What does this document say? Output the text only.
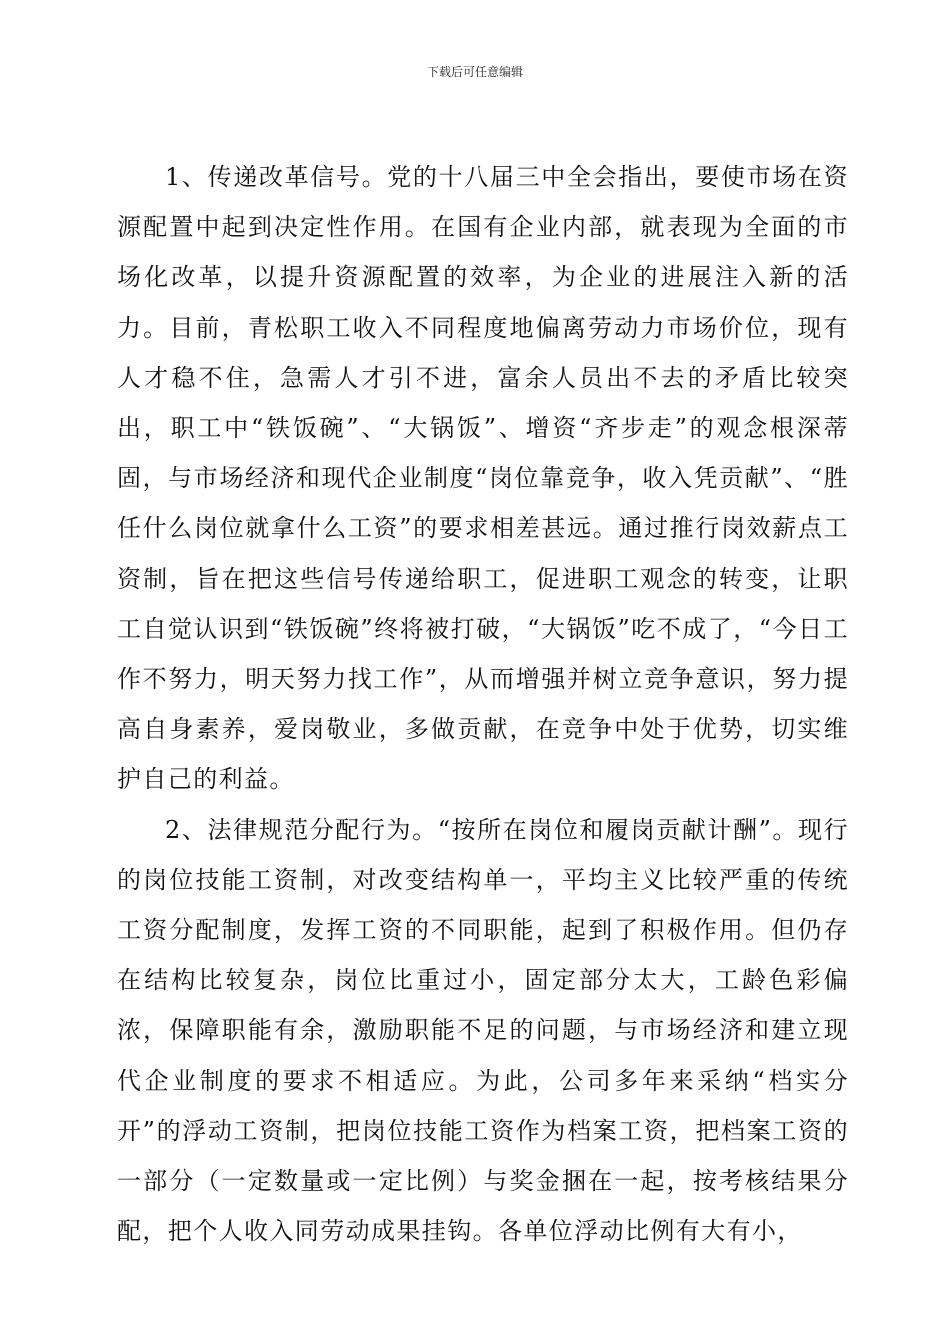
下载后可任意编辑

1、传递改革信号。党的十八届三中全会指出，要使市场在资源配置中起到决定性作用。在国有企业内部，就表现为全面的市场化改革，以提升资源配置的效率，为企业的进展注入新的活力。目前，青松职工收入不同程度地偏离劳动力市场价位，现有人才稳不住，急需人才引不进，富余人员出不去的矛盾比较突出，职工中“铁饭碗”、“大锅饭”、增资“齐步走”的观念根深蒂固，与市场经济和现代企业制度“岗位靠竞争，收入凭贡献”、“胜任什么岗位就拿什么工资”的要求相差甚远。通过推行岗效薪点工资制，旨在把这些信号传递给职工，促进职工观念的转变，让职工自觉认识到“铁饭碗”终将被打破，“大锅饭”吃不成了，“今日工作不努力，明天努力找工作”，从而增强并树立竞争意识，努力提高自身素养，爱岗敬业，多做贡献，在竞争中处于优势，切实维护自己的利益。

2、法律规范分配行为。“按所在岗位和履岗贡献计酬”。现行的岗位技能工资制，对改变结构单一，平均主义比较严重的传统工资分配制度，发挥工资的不同职能，起到了积极作用。但仍存在结构比较复杂，岗位比重过小，固定部分太大，工龄色彩偏浓，保障职能有余，激励职能不足的问题，与市场经济和建立现代企业制度的要求不相适应。为此，公司多年来采纳“档实分开”的浮动工资制，把岗位技能工资作为档案工资，把档案工资的一部分（一定数量或一定比例）与奖金捆在一起，按考核结果分配，把个人收入同劳动成果挂钩。各单位浮动比例有大有小，
